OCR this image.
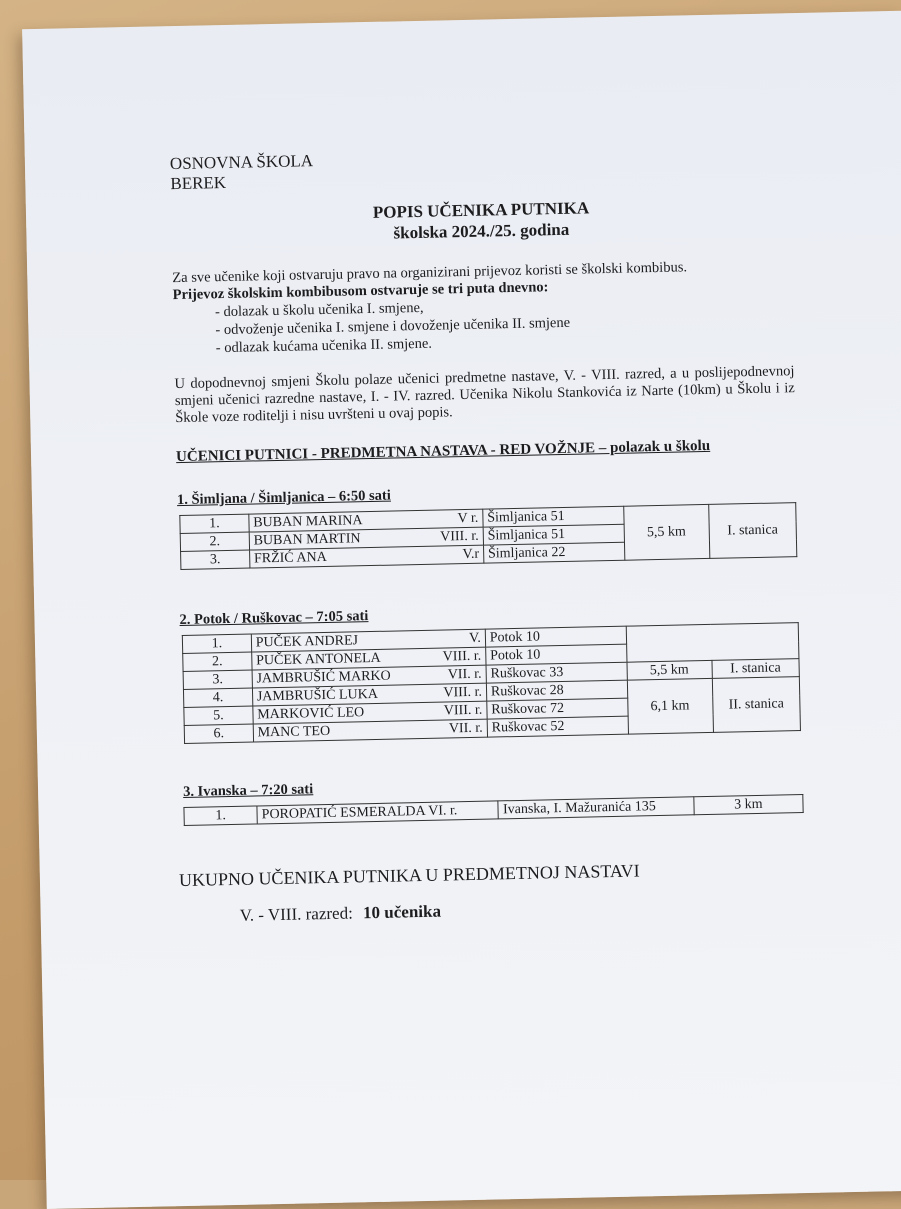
OSNOVNA ŠKOLA
BEREK
POPIS UČENIKA PUTNIKA
školska 2024./25. godina
Za sve učenike koji ostvaruju pravo na organizirani prijevoz koristi se školski kombibus.
Prijevoz školskim kombibusom ostvaruje se tri puta dnevno:
- dolazak u školu učenika I. smjene,
- odvoženje učenika I. smjene i dovoženje učenika II. smjene
- odlazak kućama učenika II. smjene.
U dopodnevnoj smjeni Školu polaze učenici predmetne nastave, V. - VIII. razred, a u poslijepodnevnoj smjeni učenici razredne nastave, I. - IV. razred. Učenika Nikolu Stankovića iz Narte (10km) u Školu i iz Škole voze roditelji i nisu uvršteni u ovaj popis.
UČENICI PUTNICI - PREDMETNA NASTAVA - RED VOŽNJE – polazak u školu
1. Šimljana / Šimljanica – 6:50 sati
1.	BUBAN MARINA V r.	Šimljanica 51	5,5 km	I. stanica
2.	BUBAN MARTIN VIII. r.	Šimljanica 51		
3.	FRŽIĆ ANA V.r	Šimljanica 22		
2. Potok / Ruškovac – 7:05 sati
1.	PUČEK ANDREJ V.	Potok 10		
2.	PUČEK ANTONELA VIII. r.	Potok 10		
3.	JAMBRUŠIĆ MARKO VII. r.	Ruškovac 33	5,5 km	I. stanica
4.	JAMBRUŠIĆ LUKA VIII. r.	Ruškovac 28	6,1 km	II. stanica
5.	MARKOVIĆ LEO VIII. r.	Ruškovac 72		
6.	MANC TEO VII. r.	Ruškovac 52		
3. Ivanska – 7:20 sati
1.	POROPATIĆ ESMERALDA VI. r.	Ivanska, I. Mažuranića 135	3 km
UKUPNO UČENIKA PUTNIKA U PREDMETNOJ NASTAVI
V. - VIII. razred: 10 učenika
